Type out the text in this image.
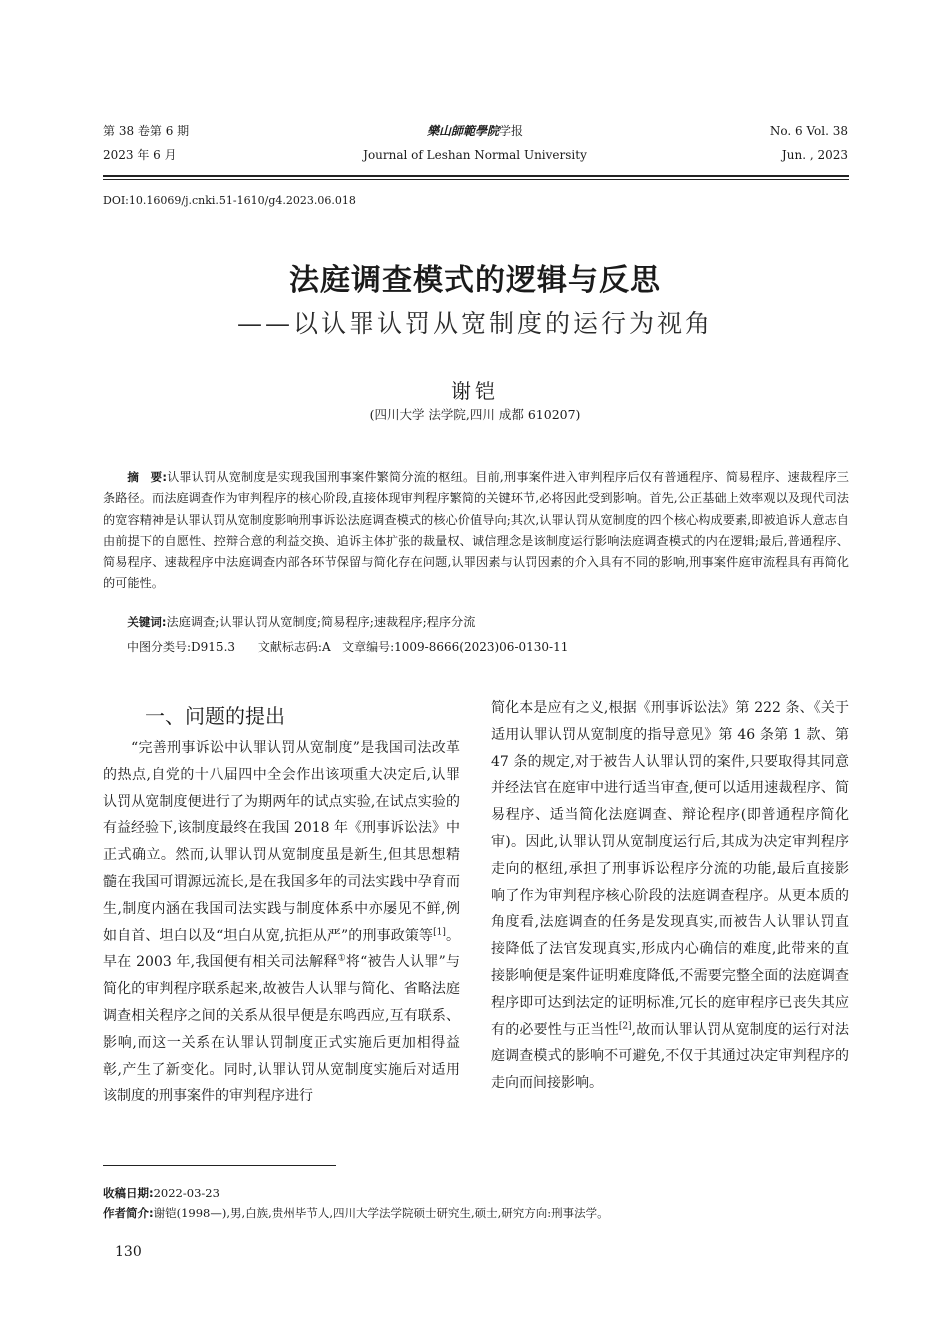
第 38 卷第 6 期
2023 年 6 月
樂山師範學院学报
Journal of Leshan Normal University
No. 6 Vol. 38
Jun. , 2023
DOI:10.16069/j.cnki.51-1610/g4.2023.06.018
法庭调查模式的逻辑与反思
——以认罪认罚从宽制度的运行为视角
谢铠
(四川大学 法学院,四川 成都 610207)
摘　要:认罪认罚从宽制度是实现我国刑事案件繁简分流的枢纽。目前,刑事案件进入审判程序后仅有普通程序、简易程序、速裁程序三条路径。而法庭调查作为审判程序的核心阶段,直接体现审判程序繁简的关键环节,必将因此受到影响。首先,公正基础上效率观以及现代司法的宽容精神是认罪认罚从宽制度影响刑事诉讼法庭调查模式的核心价值导向;其次,认罪认罚从宽制度的四个核心构成要素,即被追诉人意志自由前提下的自愿性、控辩合意的利益交换、追诉主体扩张的裁量权、诚信理念是该制度运行影响法庭调查模式的内在逻辑;最后,普通程序、简易程序、速裁程序中法庭调查内部各环节保留与简化存在问题,认罪因素与认罚因素的介入具有不同的影响,刑事案件庭审流程具有再简化的可能性。
关键词:法庭调查;认罪认罚从宽制度;简易程序;速裁程序;程序分流
中图分类号:D915.3 文献标志码:A 文章编号:1009-8666(2023)06-0130-11
一、问题的提出

“完善刑事诉讼中认罪认罚从宽制度”是我国司法改革的热点,自党的十八届四中全会作出该项重大决定后,认罪认罚从宽制度便进行了为期两年的试点实验,在试点实验的有益经验下,该制度最终在我国 2018 年《刑事诉讼法》中正式确立。然而,认罪认罚从宽制度虽是新生,但其思想精髓在我国可谓源远流长,是在我国多年的司法实践中孕育而生,制度内涵在我国司法实践与制度体系中亦屡见不鲜,例如自首、坦白以及“坦白从宽,抗拒从严”的刑事政策等[1]。早在 2003 年,我国便有相关司法解释①将“被告人认罪”与简化的审判程序联系起来,故被告人认罪与简化、省略法庭调查相关程序之间的关系从很早便是东鸣西应,互有联系、影响,而这一关系在认罪认罚制度正式实施后更加相得益彰,产生了新变化。同时,认罪认罚从宽制度实施后对适用该制度的刑事案件的审判程序进行

简化本是应有之义,根据《刑事诉讼法》第 222 条、《关于适用认罪认罚从宽制度的指导意见》第 46 条第 1 款、第 47 条的规定,对于被告人认罪认罚的案件,只要取得其同意并经法官在庭审中进行适当审查,便可以适用速裁程序、简易程序、适当简化法庭调查、辩论程序(即普通程序简化审)。因此,认罪认罚从宽制度运行后,其成为决定审判程序走向的枢纽,承担了刑事诉讼程序分流的功能,最后直接影响了作为审判程序核心阶段的法庭调查程序。从更本质的角度看,法庭调查的任务是发现真实,而被告人认罪认罚直接降低了法官发现真实,形成内心确信的难度,此带来的直接影响便是案件证明难度降低,不需要完整全面的法庭调查程序即可达到法定的证明标准,冗长的庭审程序已丧失其应有的必要性与正当性[2],故而认罪认罚从宽制度的运行对法庭调查模式的影响不可避免,不仅于其通过决定审判程序的走向而间接影响。

收稿日期:2022-03-23
作者简介:谢铠(1998—),男,白族,贵州毕节人,四川大学法学院硕士研究生,硕士,研究方向:刑事法学。
130
